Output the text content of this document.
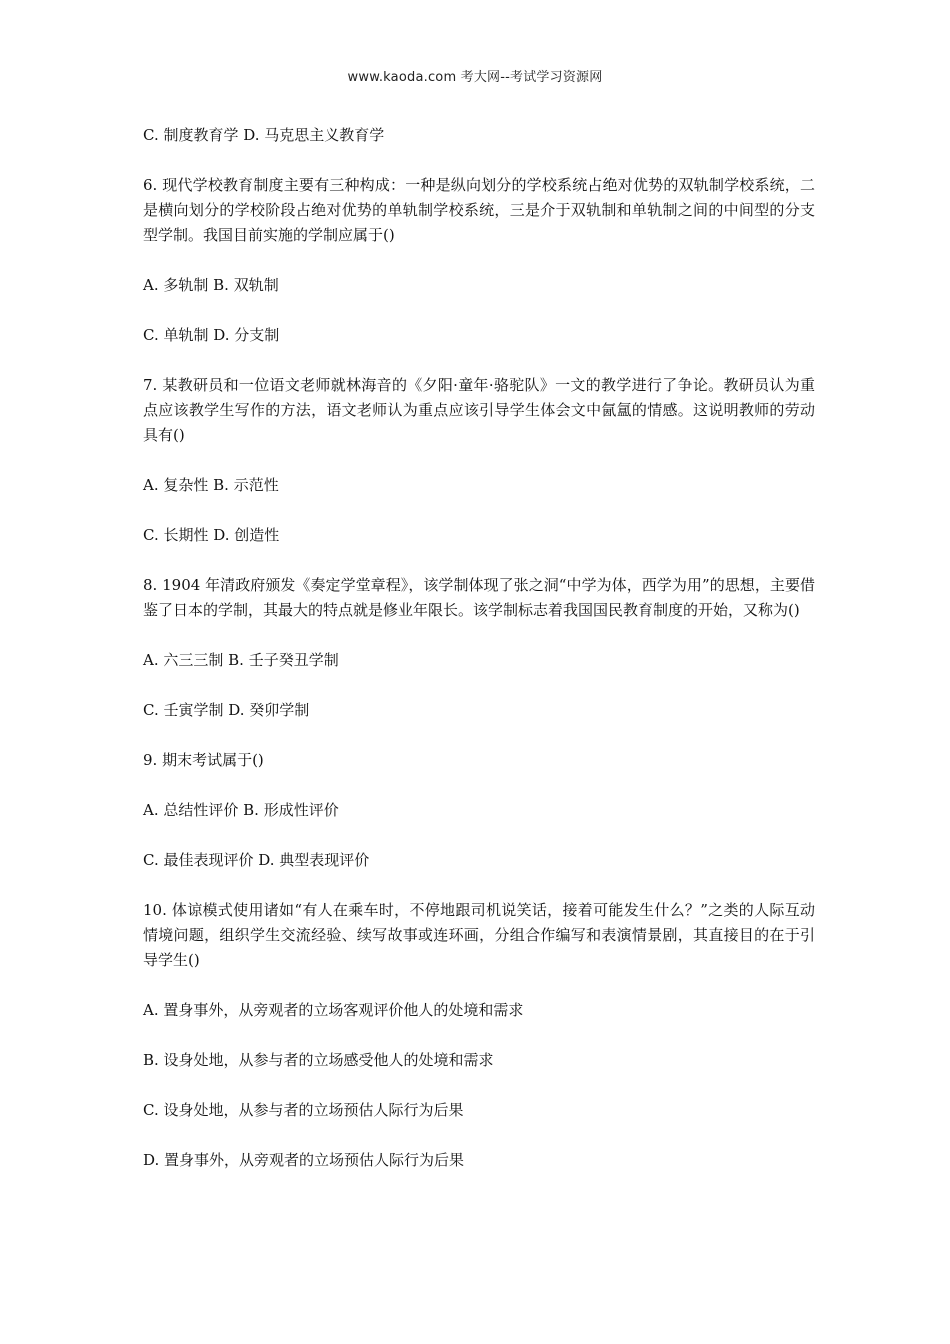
www.kaoda.com 考大网--考试学习资源网

C. 制度教育学 D. 马克思主义教育学

6. 现代学校教育制度主要有三种构成：一种是纵向划分的学校系统占绝对优势的双轨制学校系统，二是横向划分的学校阶段占绝对优势的单轨制学校系统，三是介于双轨制和单轨制之间的中间型的分支型学制。我国目前实施的学制应属于()

A. 多轨制 B. 双轨制

C. 单轨制 D. 分支制

7. 某教研员和一位语文老师就林海音的《夕阳·童年·骆驼队》一文的教学进行了争论。教研员认为重点应该教学生写作的方法，语文老师认为重点应该引导学生体会文中氤氲的情感。这说明教师的劳动具有()

A. 复杂性 B. 示范性

C. 长期性 D. 创造性

8. 1904 年清政府颁发《奏定学堂章程》，该学制体现了张之洞“中学为体，西学为用”的思想，主要借鉴了日本的学制，其最大的特点就是修业年限长。该学制标志着我国国民教育制度的开始，又称为()

A. 六三三制 B. 壬子癸丑学制

C. 壬寅学制 D. 癸卯学制

9. 期末考试属于()

A. 总结性评价 B. 形成性评价

C. 最佳表现评价 D. 典型表现评价

10. 体谅模式使用诸如“有人在乘车时，不停地跟司机说笑话，接着可能发生什么？”之类的人际互动情境问题，组织学生交流经验、续写故事或连环画，分组合作编写和表演情景剧，其直接目的在于引导学生()

A. 置身事外，从旁观者的立场客观评价他人的处境和需求

B. 设身处地，从参与者的立场感受他人的处境和需求

C. 设身处地，从参与者的立场预估人际行为后果

D. 置身事外，从旁观者的立场预估人际行为后果
